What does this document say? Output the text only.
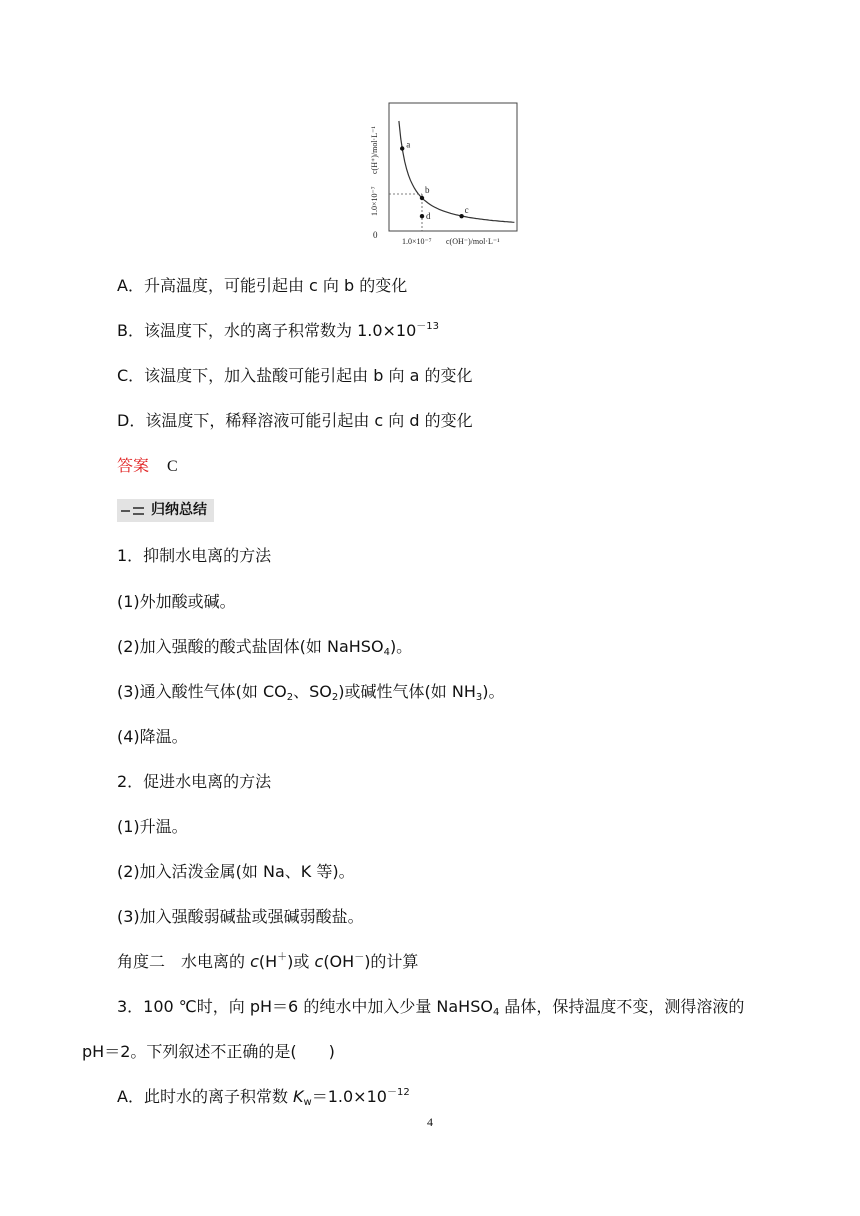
a
b
c
d
1.0×10⁻⁷
c(H⁺)/mol·L⁻¹
0
1.0×10⁻⁷ c(OH⁻)/mol·L⁻¹
A．升高温度，可能引起由 c 向 b 的变化
B．该温度下，水的离子积常数为 $1.0\times 10^{-13}$
C．该温度下，加入盐酸可能引起由 b 向 a 的变化
D．该温度下，稀释溶液可能引起由 c 向 d 的变化
答案 C
归纳总结
1．抑制水电离的方法
(1)外加酸或碱。
(2)加入强酸的酸式盐固体(如 NaHSO$_4$)。
(3)通入酸性气体(如 $CO_2$、$SO_2$)或碱性气体(如 $NH_3$)。
(4)降温。
2．促进水电离的方法
(1)升温。
(2)加入活泼金属(如 Na、K 等)。
(3)加入强酸弱碱盐或强碱弱酸盐。
角度二　水电离的 c(H＋)或 c(OH－)的计算
3．100 ℃时，向 pH＝6 的纯水中加入少量 NaHSO$_4$ 晶体，保持温度不变，测得溶液的
pH＝2。下列叙述不正确的是(　　)
A．此时水的离子积常数 $K_w=1.0\times 10^{-12}$
4
